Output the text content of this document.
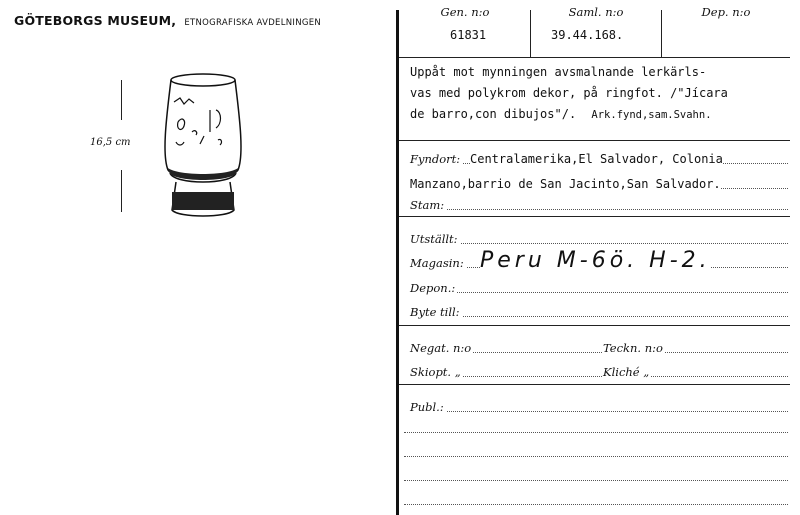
GÖTEBORGS MUSEUM, ETNOGRAFISKA AVDELNINGEN
16,5 cm
Gen. n:o
61831
Saml. n:o
39.44.168.
Dep. n:o
Uppåt mot mynningen avsmalnande lerkärls-
vas med polykrom dekor, på ringfot. /"Jícara
de barro,con dibujos"/. Ark.fynd,sam.Svahn.
Fyndort: Centralamerika,El Salvador, Colonia
Manzano,barrio de San Jacinto,San Salvador.
Stam:
Utställt:
Magasin: Peru M-6ö. H-2.
Depon.:
Byte till:
Negat. n:o	Teckn. n:o
Skiopt. „	Kliché „
Publ.:
